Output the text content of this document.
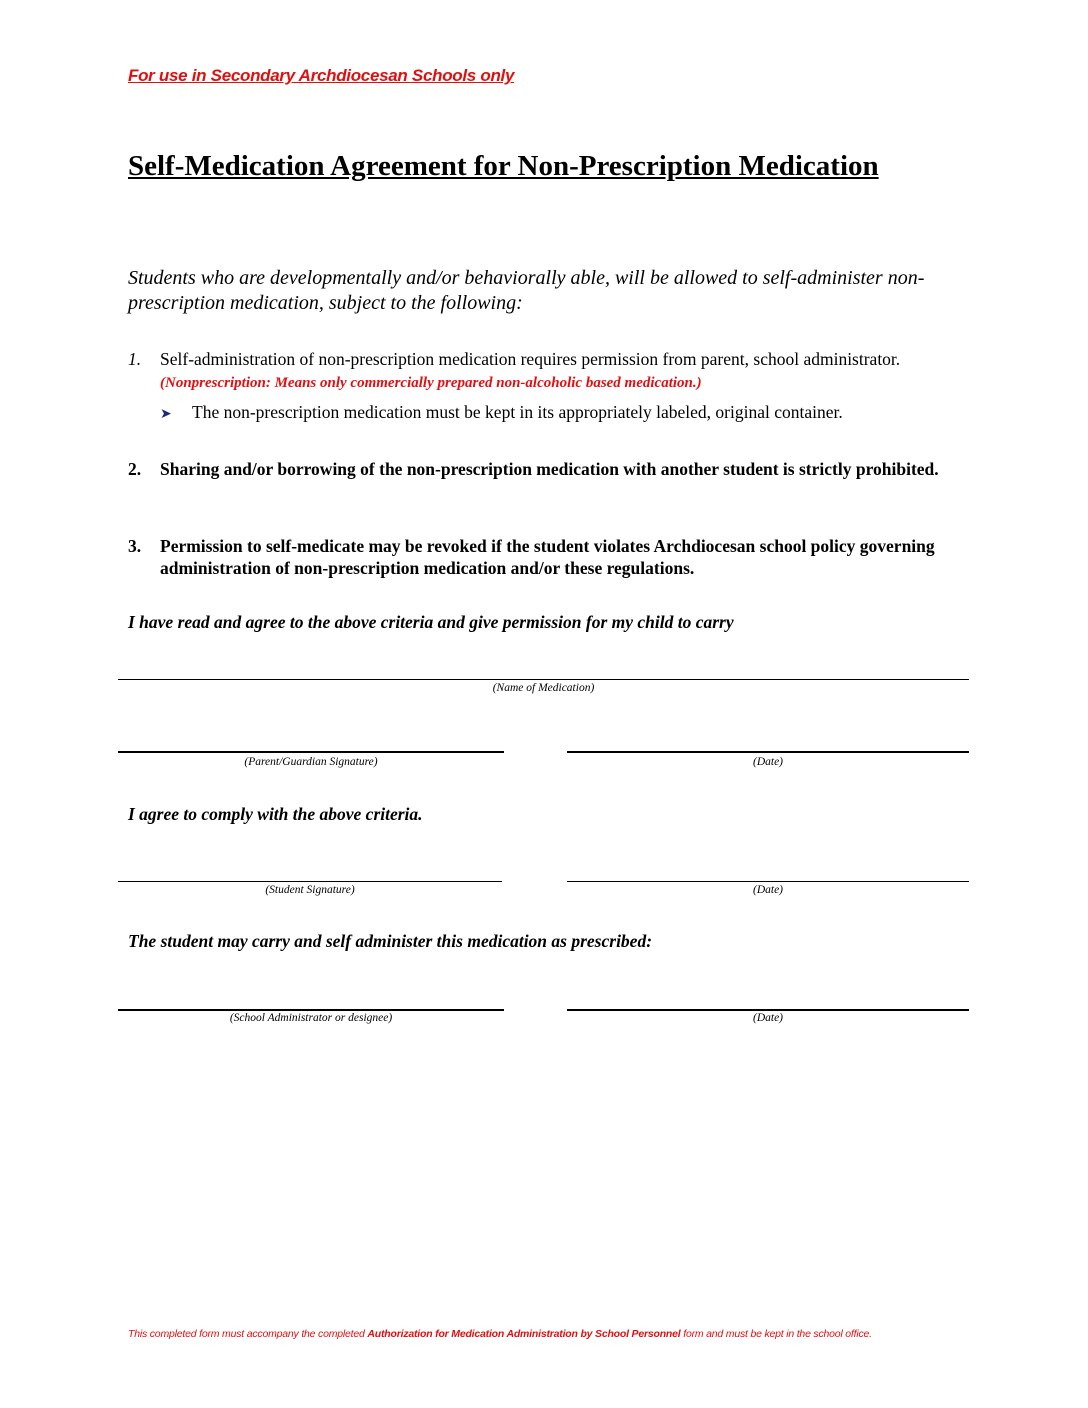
For use in Secondary Archdiocesan Schools only
Self-Medication Agreement for Non-Prescription Medication
Students who are developmentally and/or behaviorally able, will be allowed to self-administer non-prescription medication, subject to the following:
1. Self-administration of non-prescription medication requires permission from parent, school administrator. (Nonprescription: Means only commercially prepared non-alcoholic based medication.)
➤ The non-prescription medication must be kept in its appropriately labeled, original container.
2. Sharing and/or borrowing of the non-prescription medication with another student is strictly prohibited.
3. Permission to self-medicate may be revoked if the student violates Archdiocesan school policy governing administration of non-prescription medication and/or these regulations.
I have read and agree to the above criteria and give permission for my child to carry
(Name of Medication)
(Parent/Guardian Signature)	(Date)
I agree to comply with the above criteria.
(Student Signature)	(Date)
The student may carry and self administer this medication as prescribed:
(School Administrator or designee)	(Date)
This completed form must accompany the completed Authorization for Medication Administration by School Personnel form and must be kept in the school office.
